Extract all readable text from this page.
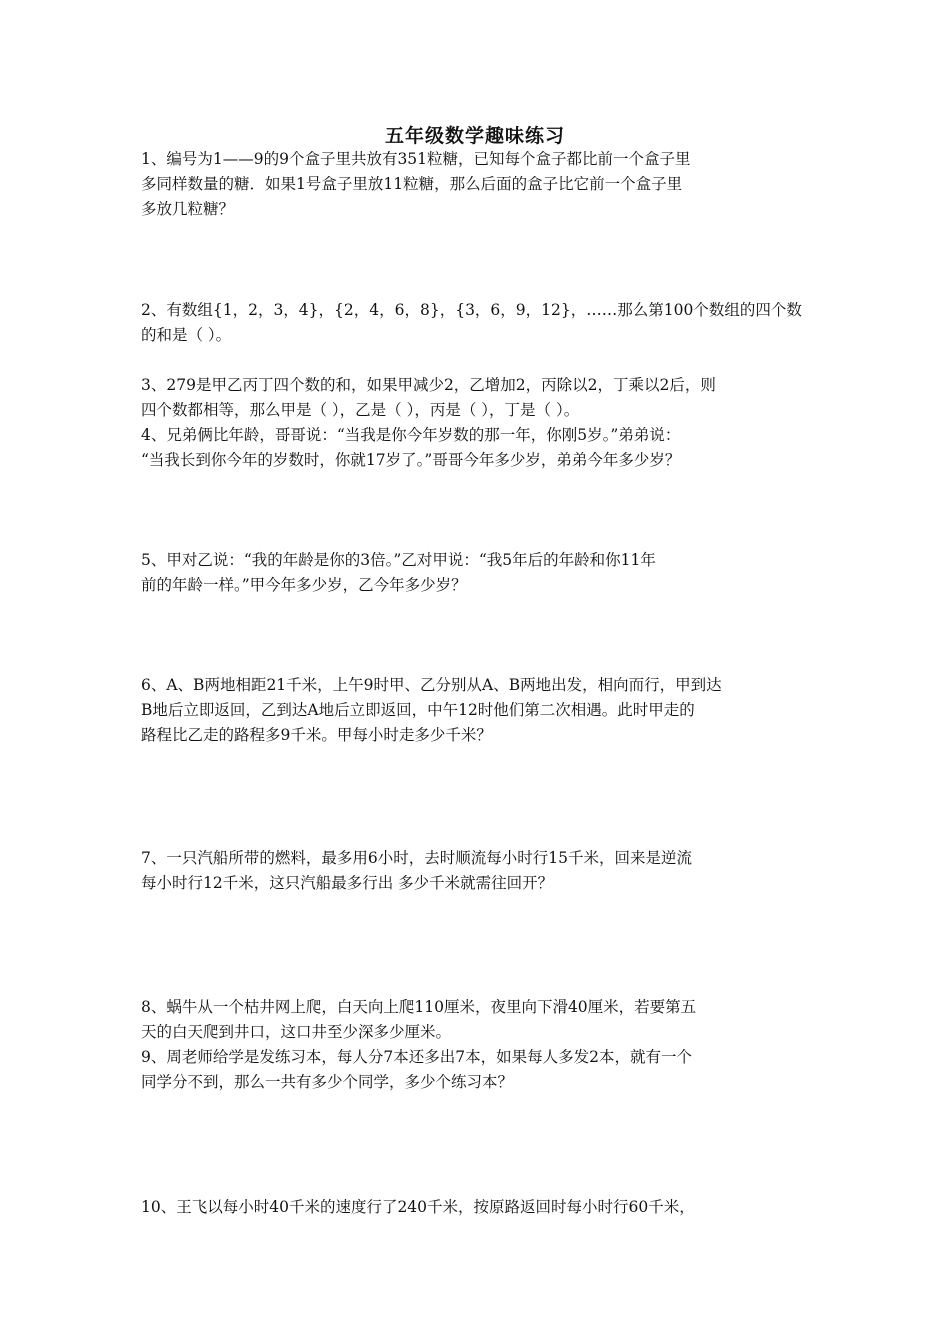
五年级数学趣味练习
1、编号为1——9的9个盒子里共放有351粒糖，已知每个盒子都比前一个盒子里
多同样数量的糖．如果1号盒子里放11粒糖，那么后面的盒子比它前一个盒子里
多放几粒糖？
2、有数组{1，2，3，4}，{2，4，6，8}，{3，6，9，12}，……那么第100个数组的四个数
的和是（ ）。
3、279是甲乙丙丁四个数的和，如果甲减少2，乙增加2，丙除以2，丁乘以2后，则
四个数都相等，那么甲是（ ），乙是（ ），丙是（ ），丁是（ ）。
4、兄弟俩比年龄，哥哥说：“当我是你今年岁数的那一年，你刚5岁。”弟弟说：
“当我长到你今年的岁数时，你就17岁了。”哥哥今年多少岁，弟弟今年多少岁？
5、甲对乙说：“我的年龄是你的3倍。”乙对甲说：“我5年后的年龄和你11年
前的年龄一样。”甲今年多少岁，乙今年多少岁？
6、A、B两地相距21千米，上午9时甲、乙分别从A、B两地出发，相向而行，甲到达
B地后立即返回，乙到达A地后立即返回，中午12时他们第二次相遇。此时甲走的
路程比乙走的路程多9千米。甲每小时走多少千米？
7、一只汽船所带的燃料，最多用6小时，去时顺流每小时行15千米，回来是逆流
每小时行12千米，这只汽船最多行出 多少千米就需往回开？
8、蜗牛从一个枯井网上爬，白天向上爬110厘米，夜里向下滑40厘米，若要第五
天的白天爬到井口，这口井至少深多少厘米。
9、周老师给学是发练习本，每人分7本还多出7本，如果每人多发2本，就有一个
同学分不到，那么一共有多少个同学，多少个练习本？
10、王飞以每小时40千米的速度行了240千米，按原路返回时每小时行60千米，
